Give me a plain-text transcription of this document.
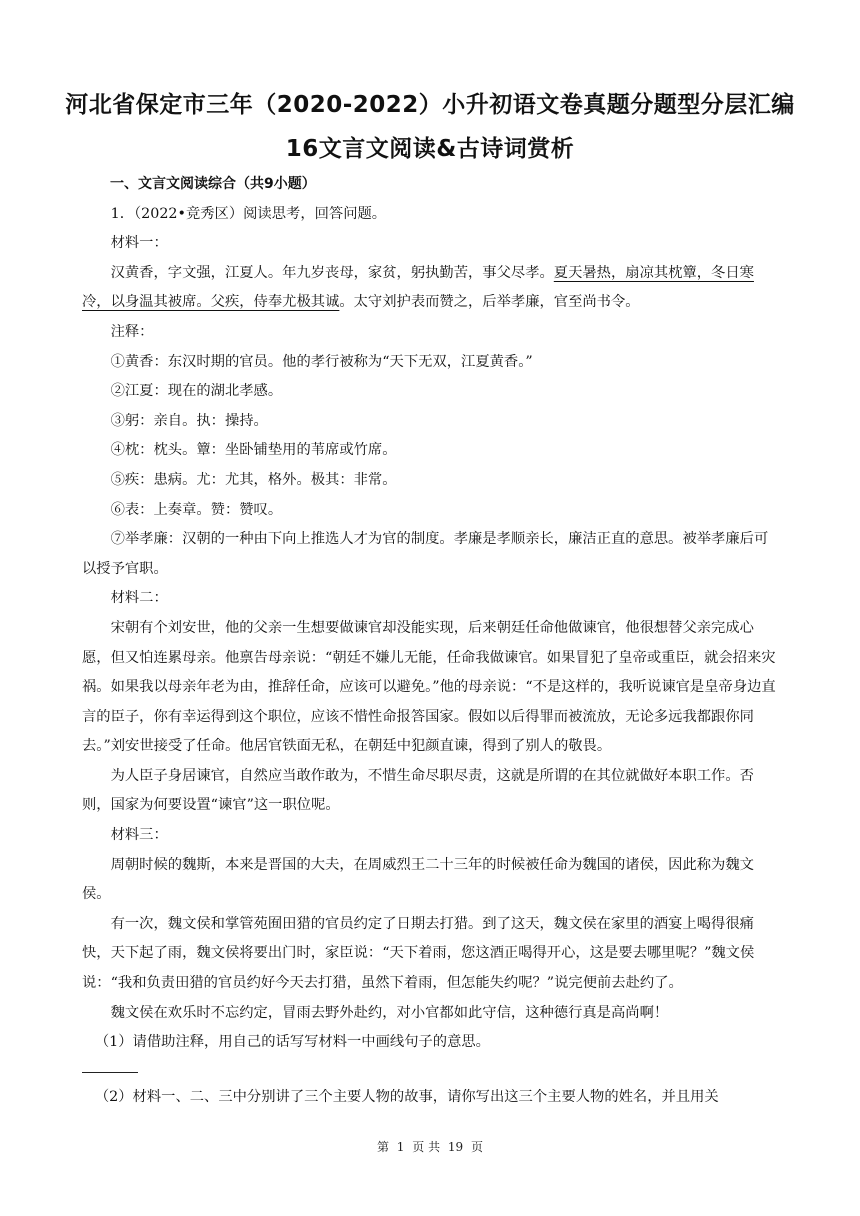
河北省保定市三年（2020-2022）小升初语文卷真题分题型分层汇编
16文言文阅读&古诗词赏析

一、文言文阅读综合（共9小题）

1．（2022•竞秀区）阅读思考，回答问题。

材料一：

汉黄香，字文强，江夏人。年九岁丧母，家贫，躬执勤苦，事父尽孝。夏天暑热，扇凉其枕簟，冬日寒冷，以身温其被席。父疾，侍奉尤极其诚。太守刘护表而赞之，后举孝廉，官至尚书令。

注释：

①黄香：东汉时期的官员。他的孝行被称为“天下无双，江夏黄香。”

②江夏：现在的湖北孝感。

③躬：亲自。执：操持。

④枕：枕头。簟：坐卧铺垫用的苇席或竹席。

⑤疾：患病。尤：尤其，格外。极其：非常。

⑥表：上奏章。赞：赞叹。

⑦举孝廉：汉朝的一种由下向上推选人才为官的制度。孝廉是孝顺亲长，廉洁正直的意思。被举孝廉后可以授予官职。

材料二：

宋朝有个刘安世，他的父亲一生想要做谏官却没能实现，后来朝廷任命他做谏官，他很想替父亲完成心愿，但又怕连累母亲。他禀告母亲说：“朝廷不嫌儿无能，任命我做谏官。如果冒犯了皇帝或重臣，就会招来灾祸。如果我以母亲年老为由，推辞任命，应该可以避免。”他的母亲说：“不是这样的，我听说谏官是皇帝身边直言的臣子，你有幸运得到这个职位，应该不惜性命报答国家。假如以后得罪而被流放，无论多远我都跟你同去。”刘安世接受了任命。他居官铁面无私，在朝廷中犯颜直谏，得到了别人的敬畏。

为人臣子身居谏官，自然应当敢作敢为，不惜生命尽职尽责，这就是所谓的在其位就做好本职工作。否则，国家为何要设置“谏官”这一职位呢。

材料三：

周朝时候的魏斯，本来是晋国的大夫，在周威烈王二十三年的时候被任命为魏国的诸侯，因此称为魏文侯。

有一次，魏文侯和掌管苑囿田猎的官员约定了日期去打猎。到了这天，魏文侯在家里的酒宴上喝得很痛快，天下起了雨，魏文侯将要出门时，家臣说：“天下着雨，您这酒正喝得开心，这是要去哪里呢？”魏文侯说：“我和负责田猎的官员约好今天去打猎，虽然下着雨，但怎能失约呢？”说完便前去赴约了。

魏文侯在欢乐时不忘约定，冒雨去野外赴约，对小官都如此守信，这种德行真是高尚啊！

（1）请借助注释，用自己的话写写材料一中画线句子的意思。

（2）材料一、二、三中分别讲了三个主要人物的故事，请你写出这三个主要人物的姓名，并且用关

第 1 页 共 19 页
